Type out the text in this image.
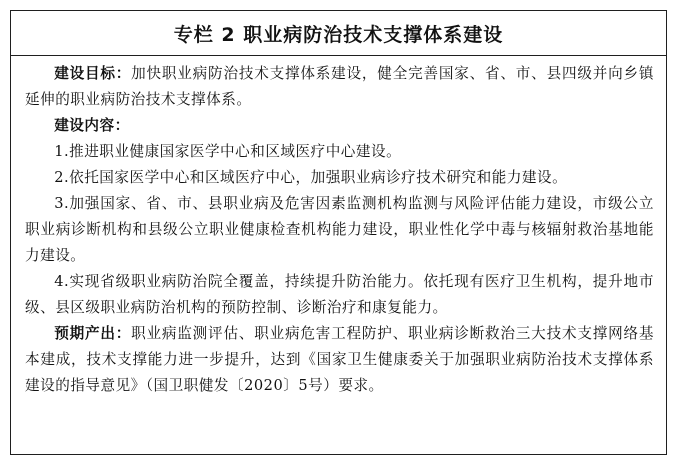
专栏 2 职业病防治技术支撑体系建设

建设目标：加快职业病防治技术支撑体系建设，健全完善国家、省、市、县四级并向乡镇延伸的职业病防治技术支撑体系。

建设内容：

1.推进职业健康国家医学中心和区域医疗中心建设。

2.依托国家医学中心和区域医疗中心，加强职业病诊疗技术研究和能力建设。

3.加强国家、省、市、县职业病及危害因素监测机构监测与风险评估能力建设，市级公立职业病诊断机构和县级公立职业健康检查机构能力建设，职业性化学中毒与核辐射救治基地能力建设。

4.实现省级职业病防治院全覆盖，持续提升防治能力。依托现有医疗卫生机构，提升地市级、县区级职业病防治机构的预防控制、诊断治疗和康复能力。

预期产出：职业病监测评估、职业病危害工程防护、职业病诊断救治三大技术支撑网络基本建成，技术支撑能力进一步提升，达到《国家卫生健康委关于加强职业病防治技术支撑体系建设的指导意见》（国卫职健发〔2020〕5号）要求。
